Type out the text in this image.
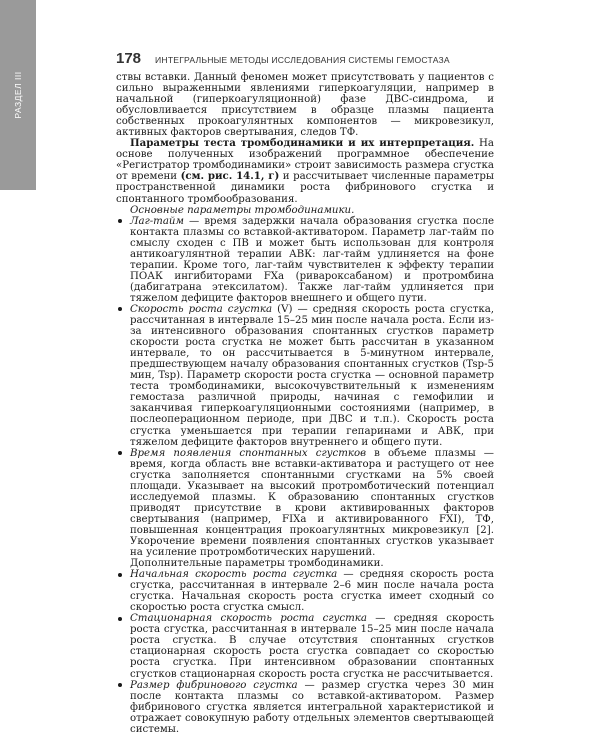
РАЗДЕЛ III
178 ИНТЕГРАЛЬНЫЕ МЕТОДЫ ИССЛЕДОВАНИЯ СИСТЕМЫ ГЕМОСТАЗА

ствы вставки. Данный феномен может присутствовать у пациентов с сильно выраженными явлениями гиперкоагуляции, например в начальной (гиперкоагуляционной) фазе ДВС-синдрома, и обусловливается присутствием в образце плазмы пациента собственных прокоагулянтных компонентов — микровезикул, активных факторов свертывания, следов ТФ.

Параметры теста тромбодинамики и их интерпретация. На основе полученных изображений программное обеспечение «Регистратор тромбодинамики» строит зависимость размера сгустка от времени (см. рис. 14.1, г) и рассчитывает численные параметры пространственной динамики роста фибринового сгустка и спонтанного тромбообразования.

Основные параметры тромбодинамики.

Лаг-тайм — время задержки начала образования сгустка после контакта плазмы со вставкой-активатором. Параметр лаг-тайм по смыслу сходен с ПВ и может быть использован для контроля антикоагулянтной терапии АВК: лаг-тайм удлиняется на фоне терапии. Кроме того, лаг-тайм чувствителен к эффекту терапии ПОАК ингибиторами FXa (ривароксабаном) и протромбина (дабигатрана этексилатом). Также лаг-тайм удлиняется при тяжелом дефиците факторов внешнего и общего пути.
Скорость роста сгустка (V) — средняя скорость роста сгустка, рассчитанная в интервале 15–25 мин после начала роста. Если из-за интенсивного образования спонтанных сгустков параметр скорости роста сгустка не может быть рассчитан в указанном интервале, то он рассчитывается в 5-минутном интервале, предшествующем началу образования спонтанных сгустков (Tsp-5 мин, Tsp). Параметр скорости роста сгустка — основной параметр теста тромбодинамики, высокочувствительный к изменениям гемостаза различной природы, начиная с гемофилии и заканчивая гиперкоагуляционными состояниями (например, в послеоперационном периоде, при ДВС и т.п.). Скорость роста сгустка уменьшается при терапии гепаринами и АВК, при тяжелом дефиците факторов внутреннего и общего пути.
Время появления спонтанных сгустков в объеме плазмы — время, когда область вне вставки-активатора и растущего от нее сгустка заполняется спонтанными сгустками на 5% своей площади. Указывает на высокий протромботический потенциал исследуемой плазмы. К образованию спонтанных сгустков приводят присутствие в крови активированных факторов свертывания (например, FIXa и активированного FXI), ТФ, повышенная концентрация прокоагулянтных микровезикул [2]. Укорочение времени появления спонтанных сгустков указывает на усиление протромботических нарушений.

Дополнительные параметры тромбодинамики.

Начальная скорость роста сгустка — средняя скорость роста сгустка, рассчитанная в интервале 2–6 мин после начала роста сгустка. Начальная скорость роста сгустка имеет сходный со скоростью роста сгустка смысл.
Стационарная скорость роста сгустка — средняя скорость роста сгустка, рассчитанная в интервале 15–25 мин после начала роста сгустка. В случае отсутствия спонтанных сгустков стационарная скорость роста сгустка совпадает со скоростью роста сгустка. При интенсивном образовании спонтанных сгустков стационарная скорость роста сгустка не рассчитывается.
Размер фибринового сгустка — размер сгустка через 30 мин после контакта плазмы со вставкой-активатором. Размер фибринового сгустка является интегральной характеристикой и отражает совокупную работу отдельных элементов свертывающей системы.
